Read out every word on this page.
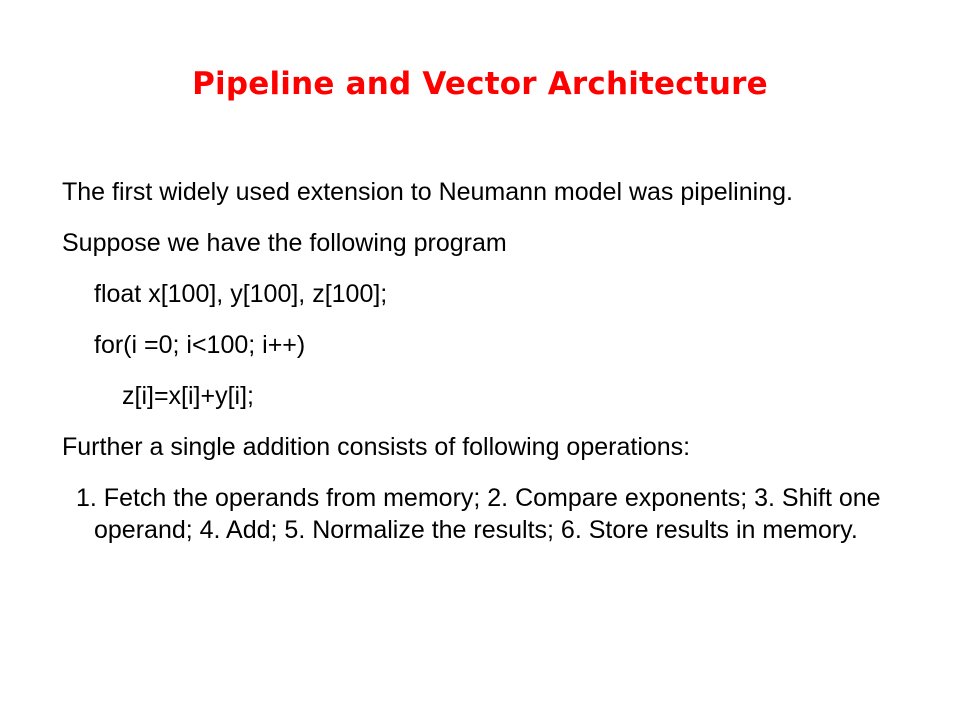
Pipeline and Vector Architecture

The first widely used extension to Neumann model was pipelining.

Suppose we have the following program

float x[100], y[100], z[100];

for(i =0; i<100; i++)

z[i]=x[i]+y[i];

Further a single addition consists of following operations:

1. Fetch the operands from memory; 2. Compare exponents; 3. Shift one operand; 4. Add; 5. Normalize the results; 6. Store results in memory.
